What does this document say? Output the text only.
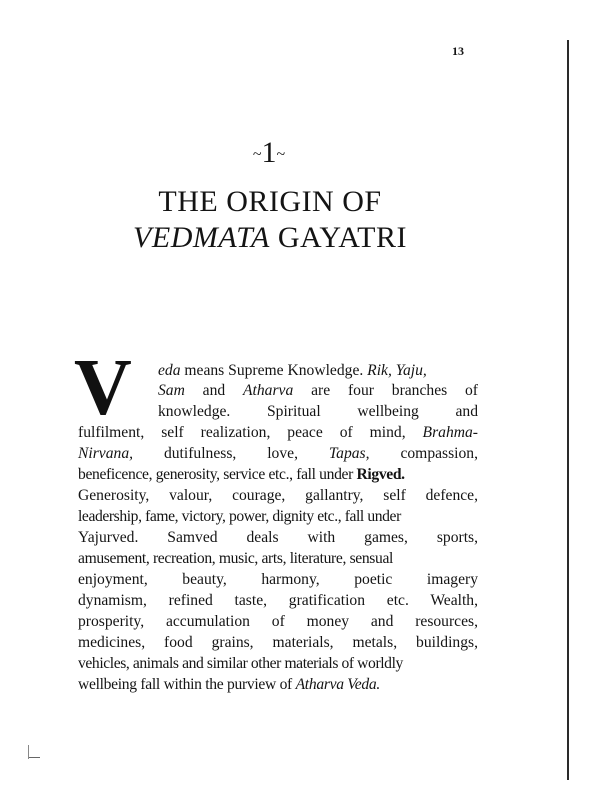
13
~1~
THE ORIGIN OF
VEDMATA GAYATRI
V eda means Supreme Knowledge. Rik, Yaju,
Sam and Atharva are four branches of
knowledge. Spiritual wellbeing and
fulfilment, self realization, peace of mind, Brahma-
Nirvana, dutifulness, love, Tapas, compassion,
beneficence, generosity, service etc., fall under Rigved.
Generosity, valour, courage, gallantry, self defence,
leadership, fame, victory, power, dignity etc., fall under
Yajurved. Samved deals with games, sports,
amusement, recreation, music, arts, literature, sensual
enjoyment, beauty, harmony, poetic imagery
dynamism, refined taste, gratification etc. Wealth,
prosperity, accumulation of money and resources,
medicines, food grains, materials, metals, buildings,
vehicles, animals and similar other materials of worldly
wellbeing fall within the purview of Atharva Veda.
